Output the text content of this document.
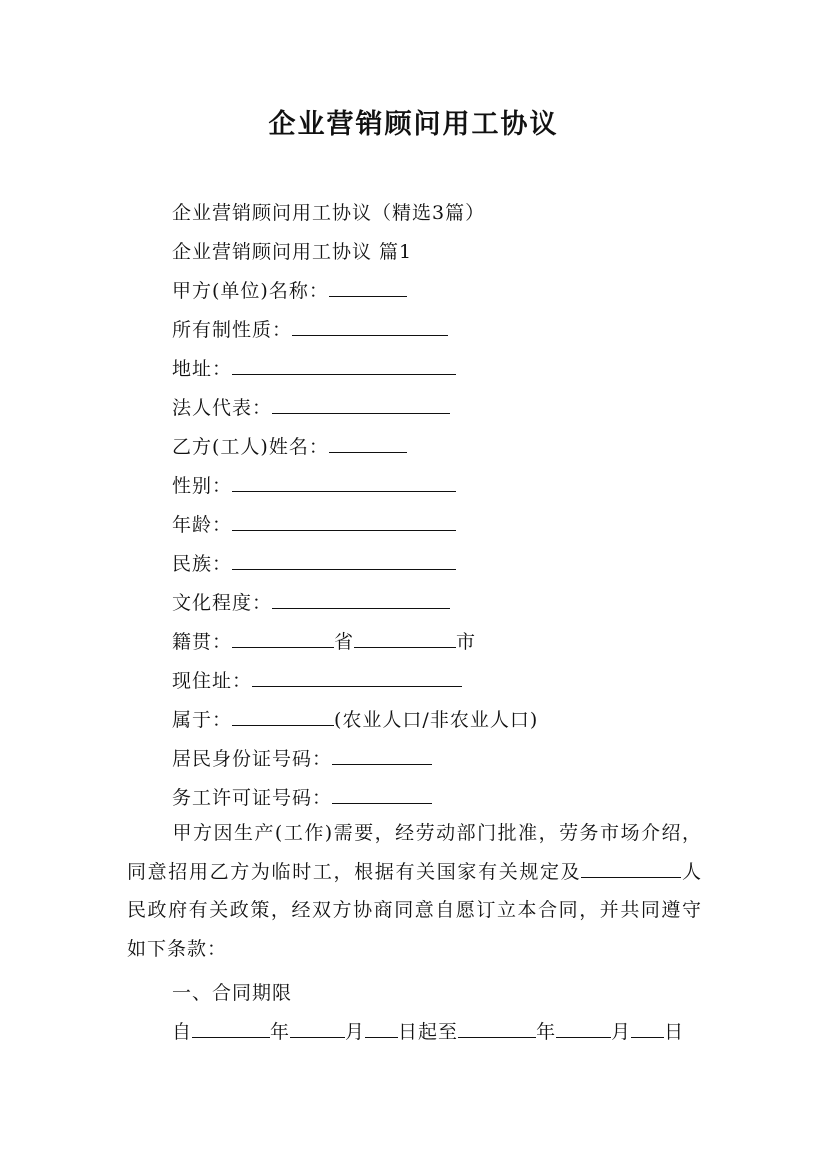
企业营销顾问用工协议

企业营销顾问用工协议（精选3篇）

企业营销顾问用工协议 篇1

甲方(单位)名称：

所有制性质：

地址：

法人代表：

乙方(工人)姓名：

性别：

年龄：

民族：

文化程度：

籍贯：	省	市

现住址：

属于：	(农业人口/非农业人口)

居民身份证号码：

务工许可证号码：

甲方因生产(工作)需要，经劳动部门批准，劳务市场介绍，同意招用乙方为临时工，根据有关国家有关规定及	人民政府有关政策，经双方协商同意自愿订立本合同，并共同遵守如下条款：

一、合同期限

自	年	月 日起至	年	月 日
